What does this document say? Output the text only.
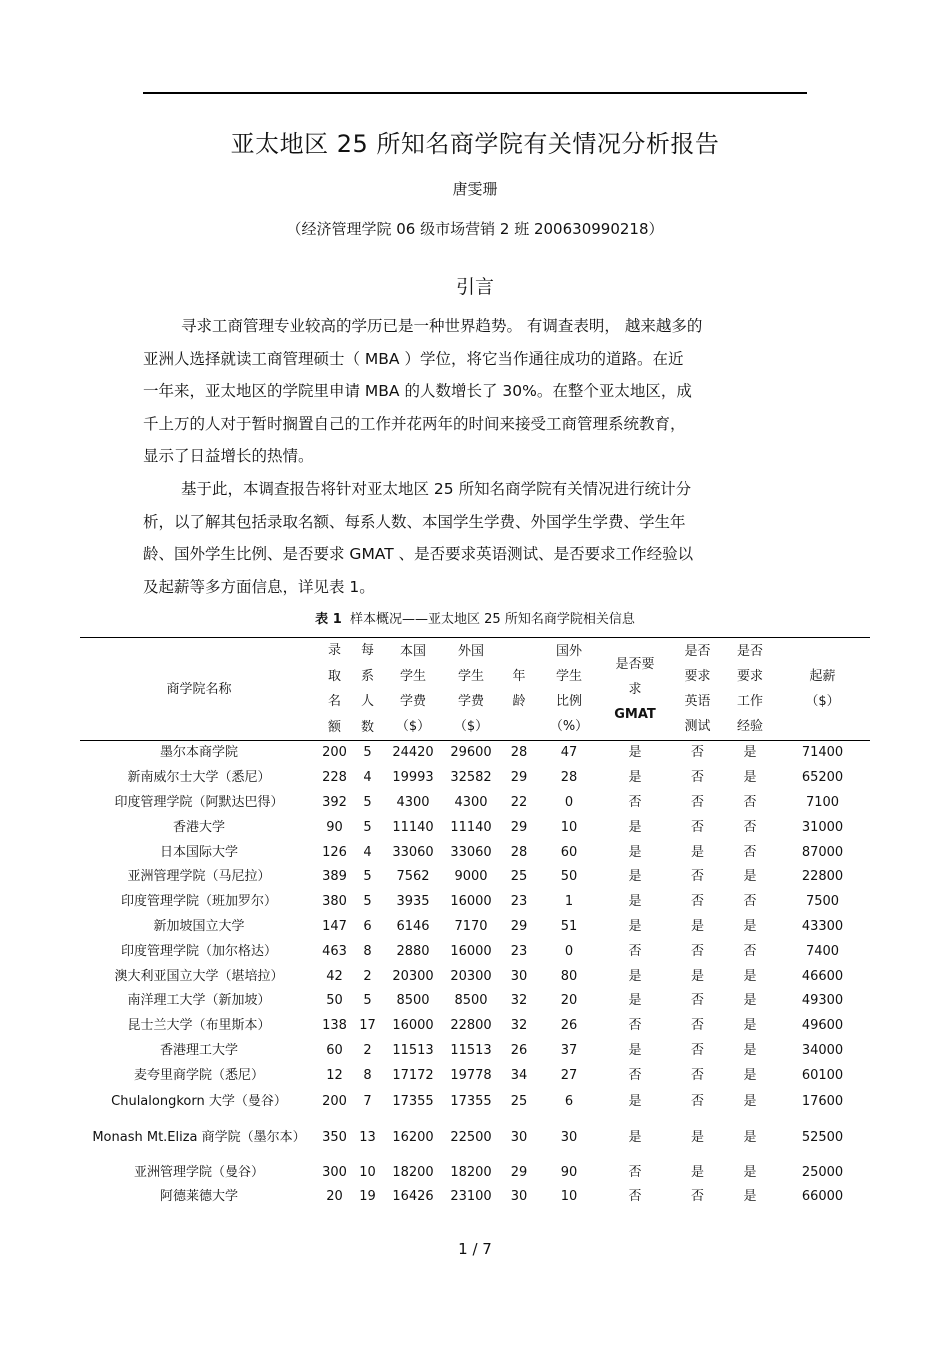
亚太地区 25 所知名商学院有关情况分析报告
唐雯珊
（经济管理学院 06 级市场营销 2 班 200630990218）
引言
寻求工商管理专业较高的学历已是一种世界趋势。 有调查表明， 越来越多的
亚洲人选择就读工商管理硕士（ MBA ）学位，将它当作通往成功的道路。在近
一年来，亚太地区的学院里申请 MBA 的人数增长了 30%。在整个亚太地区，成
千上万的人对于暂时搁置自己的工作并花两年的时间来接受工商管理系统教育，
显示了日益增长的热情。
基于此，本调查报告将针对亚太地区 25 所知名商学院有关情况进行统计分
析，以了解其包括录取名额、每系人数、本国学生学费、外国学生学费、学生年
龄、国外学生比例、是否要求 GMAT 、是否要求英语测试、是否要求工作经验以
及起薪等多方面信息，详见表 1。
表 1 样本概况——亚太地区 25 所知名商学院相关信息
商学院名称	录
取
名
额	每
系
人
数	本国
学生
学费
（$）	外国
学生
学费
（$）	年
龄	国外
学生
比例
（%）	是否要
求
GMAT	是否
要求
英语
测试	是否
要求
工作
经验	起薪
（$）
墨尔本商学院	200	5	24420	29600	28	47	是	否	是	71400
新南威尔士大学（悉尼）	228	4	19993	32582	29	28	是	否	是	65200
印度管理学院（阿默达巴得）	392	5	4300	4300	22	0	否	否	否	7100
香港大学	90	5	11140	11140	29	10	是	否	否	31000
日本国际大学	126	4	33060	33060	28	60	是	是	否	87000
亚洲管理学院（马尼拉）	389	5	7562	9000	25	50	是	否	是	22800
印度管理学院（班加罗尔）	380	5	3935	16000	23	1	是	否	否	7500
新加坡国立大学	147	6	6146	7170	29	51	是	是	是	43300
印度管理学院（加尔格达）	463	8	2880	16000	23	0	否	否	否	7400
澳大利亚国立大学（堪培拉）	42	2	20300	20300	30	80	是	是	是	46600
南洋理工大学（新加坡）	50	5	8500	8500	32	20	是	否	是	49300
昆士兰大学（布里斯本）	138	17	16000	22800	32	26	否	否	是	49600
香港理工大学	60	2	11513	11513	26	37	是	否	是	34000
麦夸里商学院（悉尼）	12	8	17172	19778	34	27	否	否	是	60100
Chulalongkorn 大学（曼谷）	200	7	17355	17355	25	6	是	否	是	17600
Monash Mt.Eliza 商学院（墨尔本）	350	13	16200	22500	30	30	是	是	是	52500
亚洲管理学院（曼谷）	300	10	18200	18200	29	90	否	是	是	25000
阿德莱德大学	20	19	16426	23100	30	10	否	否	是	66000
1 / 7
